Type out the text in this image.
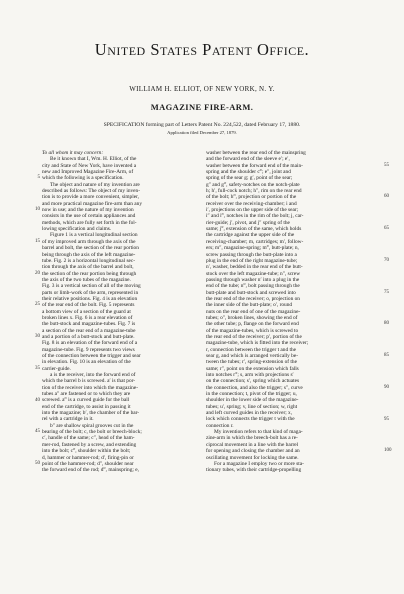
United States Patent Office.
WILLIAM H. ELLIOT, OF NEW YORK, N. Y.
MAGAZINE FIRE-ARM.
SPECIFICATION forming part of Letters Patent No. 224,522, dated February 17, 1880.
Application filed December 27, 1879.
5
10
15
20
25
30
35
40
45
50
To all whom it may concern:
Be it known that I, Wm. H. Elliot, of the
city and State of New York, have invented a
new and Improved Magazine Fire-Arm, of
which the following is a specification.
The object and nature of my invention are
described as follows: The object of my inven-
tion is to provide a more convenient, simpler,
and more practical magazine fire-arm than any
now in use; and the nature of my invention
consists in the use of certain appliances and
methods, which are fully set forth in the fol-
lowing specification and claims.
Figure 1 is a vertical longitudinal section
of my improved arm through the axis of the
barrel and bolt, the section of the rear portion
being through the axis of the left magazine-
tube. Fig. 2 is a horizontal longitudinal sec-
tion through the axis of the barrel and bolt,
the section of the rear portion being through
the axis of the two tubes of the magazine.
Fig. 3 is a vertical section of all of the moving
parts or limb-work of the arm, represented in
their relative positions. Fig. 4 is an elevation
of the rear end of the bolt. Fig. 5 represents
a bottom view of a section of the guard at
broken lines x. Fig. 6 is a rear elevation of
the butt-stock and magazine-tubes. Fig. 7 is
a section of the rear end of a magazine-tube
and a portion of a butt-stock and butt-plate.
Fig. 8 is an elevation of the forward end of a
magazine-tube. Fig. 9 represents two views
of the connection between the trigger and sear
in elevation. Fig. 10 is an elevation of the
carrier-guide.
a is the receiver, into the forward end of
which the barrel b is screwed. a′ is that por-
tion of the receiver into which the magazine-
tubes a″ are fastened or to which they are
screwed. a‴ is a curved guide for the ball
end of the cartridge, to assist in passing it
into the magazine; b′, the chamber of the bar-
rel with a cartridge in it.
b″ are shallow spiral grooves cut in the
bearing of the bolt; c, the bolt or breech-block;
c′, handle of the same; c″, head of the ham-
mer-rod, fastened by a screw, and extending
into the bolt; c‴, shoulder within the bolt;
d, hammer or hammer-rod; d′, firing-pin or
point of the hammer-rod; d″, shoulder near
the forward end of the rod; d‴, mainspring; e,
washer between the rear end of the mainspring
and the forward end of the sleeve e′; e′,
washer between the forward end of the main-
spring and the shoulder c‴; e″, joint and
spring of the sear g; g′, point of the sear;
g″ and g‴, safety-notches on the notch-plate
h; h′, full-cock notch; h″, rim on the rear end
of the bolt; h‴, projection or portion of the
receiver over the receiving-chamber; i and
i′, projections on the upper side of the sear;
i″ and i‴, notches in the rim of the bolt; j, car-
rier-guide; j′, pivot, and j″ spring of the
same; j‴, extension of the same, which holds
the cartridge against the upper side of the
receiving-chamber; m, cartridges; m′, follow-
ers; m″, magazine-spring; m‴, butt-plate; n,
screw passing through the butt-plate into a
plug in the end of the right magazine-tube;
n′, washer, bedded in the rear end of the butt-
stock over the left magazine-tube; n″, screw
passing through washer n′ into a plug in the
end of the tube; n‴, bolt passing through the
butt-plate and butt-stock and screwed into
the rear end of the receiver; o, projection on
the inner side of the butt-plate; o′, round
nuts on the rear end of one of the magazine-
tubes; o″, broken lines, showing the end of
the other tube; p, flange on the forward end
of the magazine-tubes, which is screwed to
the rear end of the receiver; p′, portion of the
magazine-tube, which is fitted into the receiver;
r, connection between the trigger t and the
sear g, and which is arranged vertically be-
tween the tubes; r′, spring-extension of the
same; r″, point on the extension which falls
into notches r‴; s, arm with projections s′
on the connection; s′, spring which actuates
the connection, and also the trigger; s″, curve
in the connection; t, pivot of the trigger; u,
shoulder in the lower side of the magazine-
tubes; u′, spring; v, line of section; w, right
and left curved guides in the receiver; x,
lock which connects the trigger t with the
connection r.
My invention refers to that kind of maga-
zine-arm in which the breech-bolt has a re-
ciprocal movement in a line with the barrel
for opening and closing the chamber and an
oscillating movement for locking the same.
For a magazine I employ two or more sta-
tionary tubes, with their cartridge-propelling
55
60
65
70
75
80
85
90
95
100
